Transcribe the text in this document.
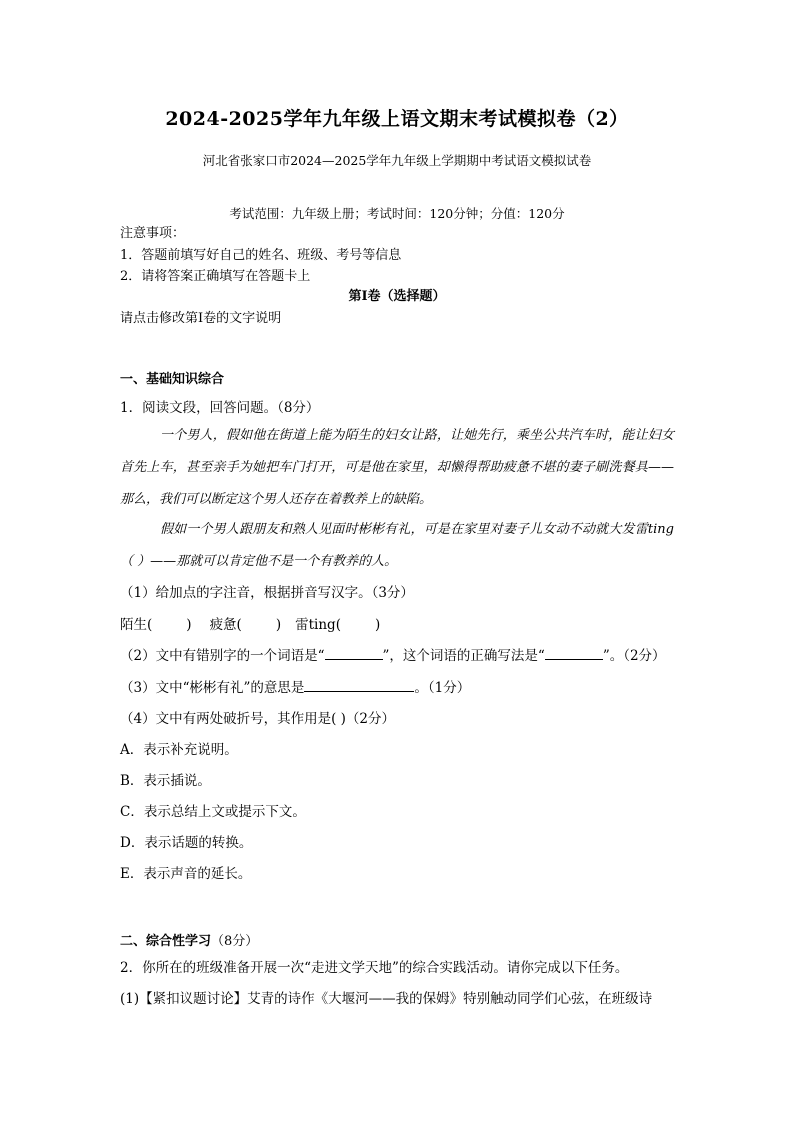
2024-2025学年九年级上语文期末考试模拟卷（2）
河北省张家口市2024—2025学年九年级上学期期中考试语文模拟试卷
考试范围：九年级上册；考试时间：120分钟；分值：120分
注意事项：
1．答题前填写好自己的姓名、班级、考号等信息
2．请将答案正确填写在答题卡上
第I卷（选择题）
请点击修改第I卷的文字说明
一、基础知识综合
1．阅读文段，回答问题。（8分）
一个男人，假如他在街道上能为陌生的妇女让路，让她先行，乘坐公共汽车时，能让妇女首先上车，甚至亲手为她把车门打开，可是他在家里，却懒得帮助疲惫不堪的妻子刷洗餐具——那么，我们可以断定这个男人还存在着教养上的缺陷。
假如一个男人跟朋友和熟人见面时彬彬有礼，可是在家里对妻子儿女动不动就大发雷ting（ ）——那就可以肯定他不是一个有教养的人。
（1）给加点的字注音，根据拼音写汉字。（3分）
陌生(	) 疲惫(	) 雷ting(	)
（2）文中有错别字的一个词语是“	”，这个词语的正确写法是“	”。（2分）
（3）文中“彬彬有礼”的意思是	。（1分）
（4）文中有两处破折号，其作用是( )（2分）
A．表示补充说明。
B．表示插说。
C．表示总结上文或提示下文。
D．表示话题的转换。
E．表示声音的延长。
二、综合性学习（8分）
2．你所在的班级准备开展一次“走进文学天地”的综合实践活动。请你完成以下任务。
(1)【紧扣议题讨论】艾青的诗作《大堰河——我的保姆》特别触动同学们心弦，在班级诗
